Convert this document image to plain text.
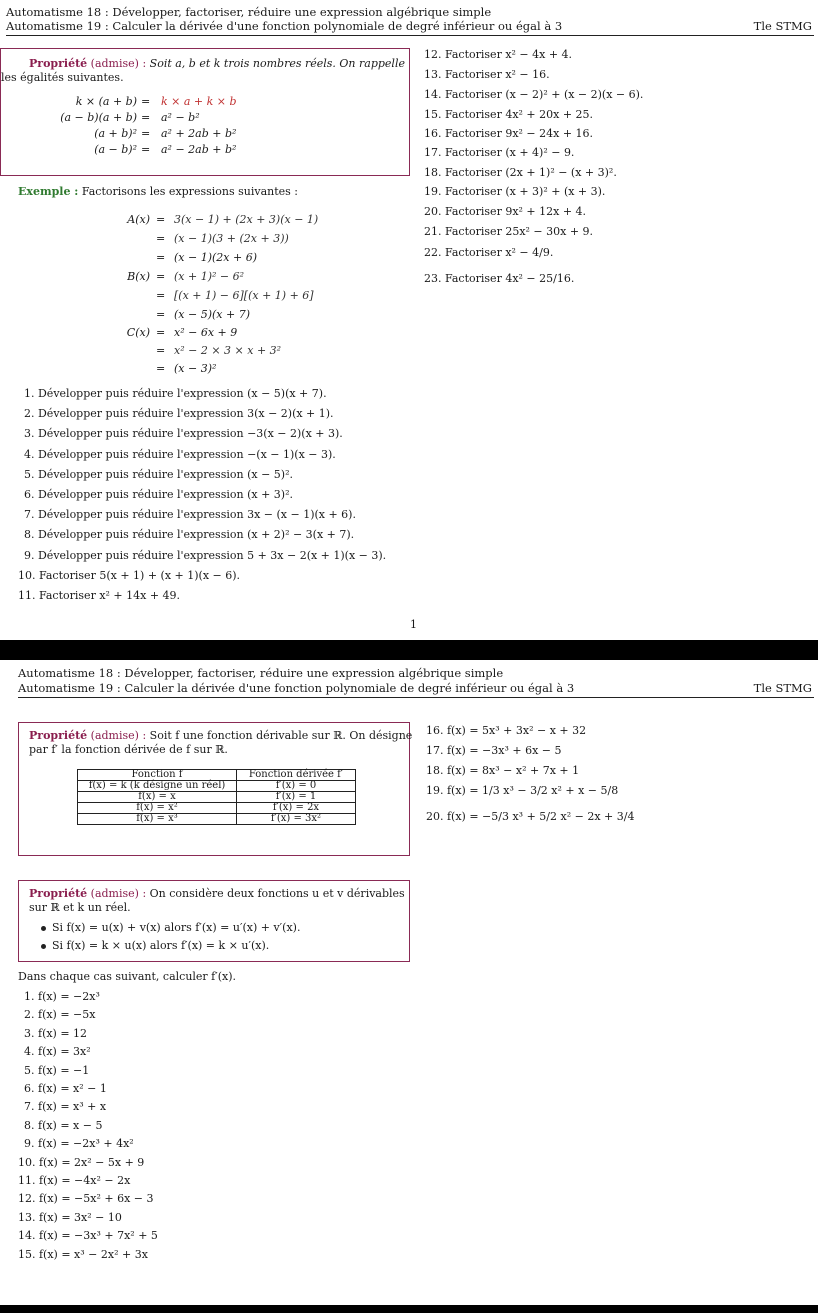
Automatisme 18 : Développer, factoriser, réduire une expression algébrique simple
Automatisme 19 : Calculer la dérivée d'une fonction polynomiale de degré inférieur ou égal à 3	Tle STMG
Propriété (admise) : Soit a, b et k trois nombres réels. On rappelle
les égalités suivantes.
k × (a + b) = k × a + k × b
(a − b)(a + b) = a² − b²
(a + b)² = a² + 2ab + b²
(a − b)² = a² − 2ab + b²
Exemple : Factorisons les expressions suivantes :
1
A(x) = 3(x − 1) + (2x + 3)(x − 1)
= (x − 1)(3 + (2x + 3))
= (x − 1)(2x + 6)
B(x) = (x + 1)² − 6²
= [(x + 1) − 6][(x + 1) + 6]
= (x − 5)(x + 7)
C(x) = x² − 6x + 9
= x² − 2 × 3 × x + 3²
= (x − 3)²
1. Développer puis réduire l'expression (x − 5)(x + 7).
2. Développer puis réduire l'expression 3(x − 2)(x + 1).
3. Développer puis réduire l'expression −3(x − 2)(x + 3).
4. Développer puis réduire l'expression −(x − 1)(x − 3).
5. Développer puis réduire l'expression (x − 5)².
6. Développer puis réduire l'expression (x + 3)².
7. Développer puis réduire l'expression 3x − (x − 1)(x + 6).
8. Développer puis réduire l'expression (x + 2)² − 3(x + 7).
9. Développer puis réduire l'expression 5 + 3x − 2(x + 1)(x − 3).
10. Factoriser 5(x + 1) + (x + 1)(x − 6).
11. Factoriser x² + 14x + 49.
12. Factoriser x² − 4x + 4.
13. Factoriser x² − 16.
14. Factoriser (x − 2)² + (x − 2)(x − 6).
15. Factoriser 4x² + 20x + 25.
16. Factoriser 9x² − 24x + 16.
17. Factoriser (x + 4)² − 9.
18. Factoriser (2x + 1)² − (x + 3)².
19. Factoriser (x + 3)² + (x + 3).
20. Factoriser 9x² + 12x + 4.
21. Factoriser 25x² − 30x + 9.
22. Factoriser x² − 4/9.
23. Factoriser 4x² − 25/16.
Automatisme 18 : Développer, factoriser, réduire une expression algébrique simple
Automatisme 19 : Calculer la dérivée d'une fonction polynomiale de degré inférieur ou égal à 3	Tle STMG
Propriété (admise) : Soit f une fonction dérivable sur ℝ. On désigne
par f′ la fonction dérivée de f sur ℝ.
Fonction f	Fonction dérivée f′
f(x) = k (k désigne un réel)	f′(x) = 0
f(x) = x	f′(x) = 1
f(x) = x²	f′(x) = 2x
f(x) = x³	f′(x) = 3x²
Propriété (admise) : On considère deux fonctions u et v dérivables
sur ℝ et k un réel.
Si f(x) = u(x) + v(x) alors f′(x) = u′(x) + v′(x).
Si f(x) = k × u(x) alors f′(x) = k × u′(x).
Dans chaque cas suivant, calculer f′(x).
1. f(x) = −2x³
2. f(x) = −5x
3. f(x) = 12
4. f(x) = 3x²
5. f(x) = −1
6. f(x) = x² − 1
7. f(x) = x³ + x
8. f(x) = x − 5
9. f(x) = −2x³ + 4x²
10. f(x) = 2x² − 5x + 9
11. f(x) = −4x² − 2x
12. f(x) = −5x² + 6x − 3
13. f(x) = 3x² − 10
14. f(x) = −3x³ + 7x² + 5
15. f(x) = x³ − 2x² + 3x
16. f(x) = 5x³ + 3x² − x + 32
17. f(x) = −3x³ + 6x − 5
18. f(x) = 8x³ − x² + 7x + 1
19. f(x) = 1/3 x³ − 3/2 x² + x − 5/8
20. f(x) = −5/3 x³ + 5/2 x² − 2x + 3/4
